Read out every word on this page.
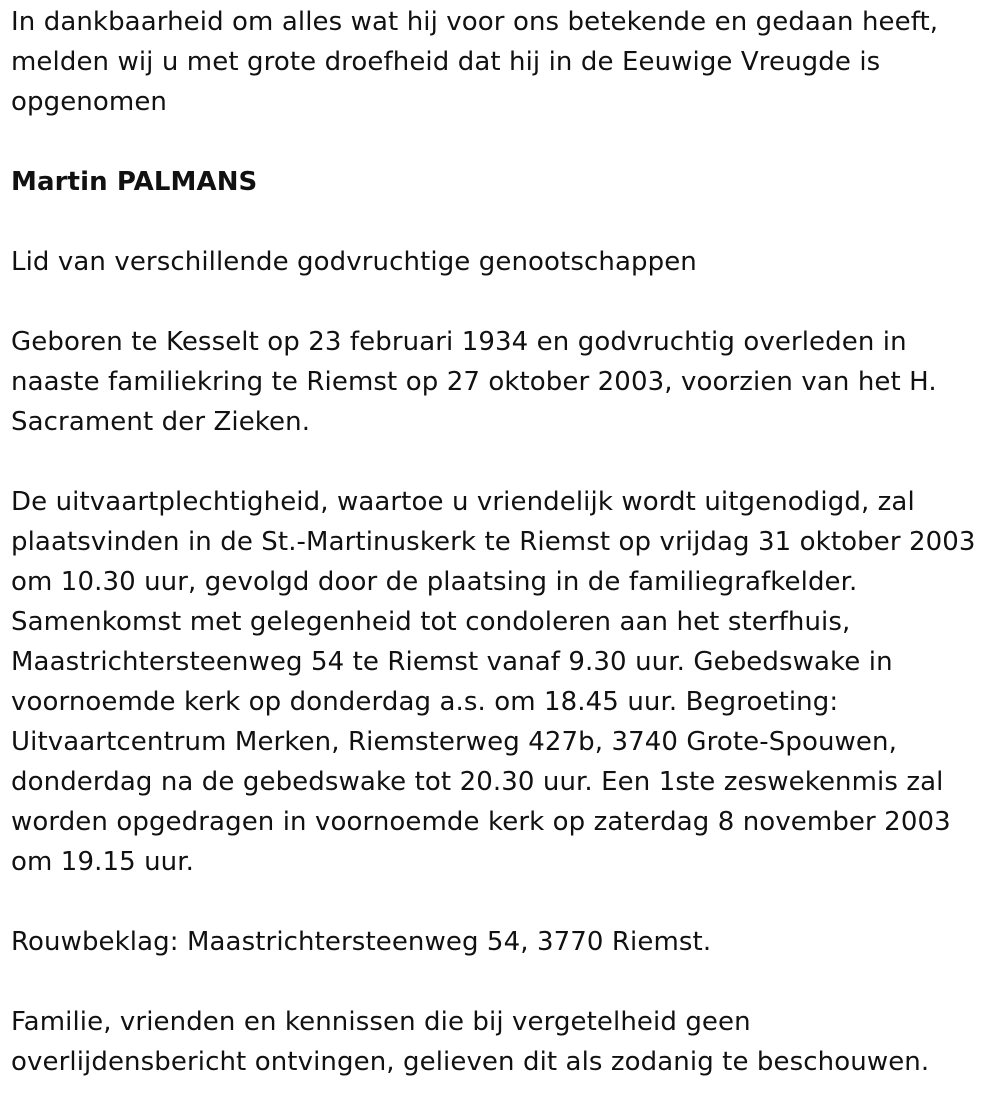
In dankbaarheid om alles wat hij voor ons betekende en gedaan heeft,
melden wij u met grote droefheid dat hij in de Eeuwige Vreugde is
opgenomen
Martin PALMANS
Lid van verschillende godvruchtige genootschappen
Geboren te Kesselt op 23 februari 1934 en godvruchtig overleden in
naaste familiekring te Riemst op 27 oktober 2003, voorzien van het H.
Sacrament der Zieken.
De uitvaartplechtigheid, waartoe u vriendelijk wordt uitgenodigd, zal
plaatsvinden in de St.-Martinuskerk te Riemst op vrijdag 31 oktober 2003
om 10.30 uur, gevolgd door de plaatsing in de familiegrafkelder.
Samenkomst met gelegenheid tot condoleren aan het sterfhuis,
Maastrichtersteenweg 54 te Riemst vanaf 9.30 uur. Gebedswake in
voornoemde kerk op donderdag a.s. om 18.45 uur. Begroeting:
Uitvaartcentrum Merken, Riemsterweg 427b, 3740 Grote-Spouwen,
donderdag na de gebedswake tot 20.30 uur. Een 1ste zeswekenmis zal
worden opgedragen in voornoemde kerk op zaterdag 8 november 2003
om 19.15 uur.
Rouwbeklag: Maastrichtersteenweg 54, 3770 Riemst.
Familie, vrienden en kennissen die bij vergetelheid geen
overlijdensbericht ontvingen, gelieven dit als zodanig te beschouwen.
